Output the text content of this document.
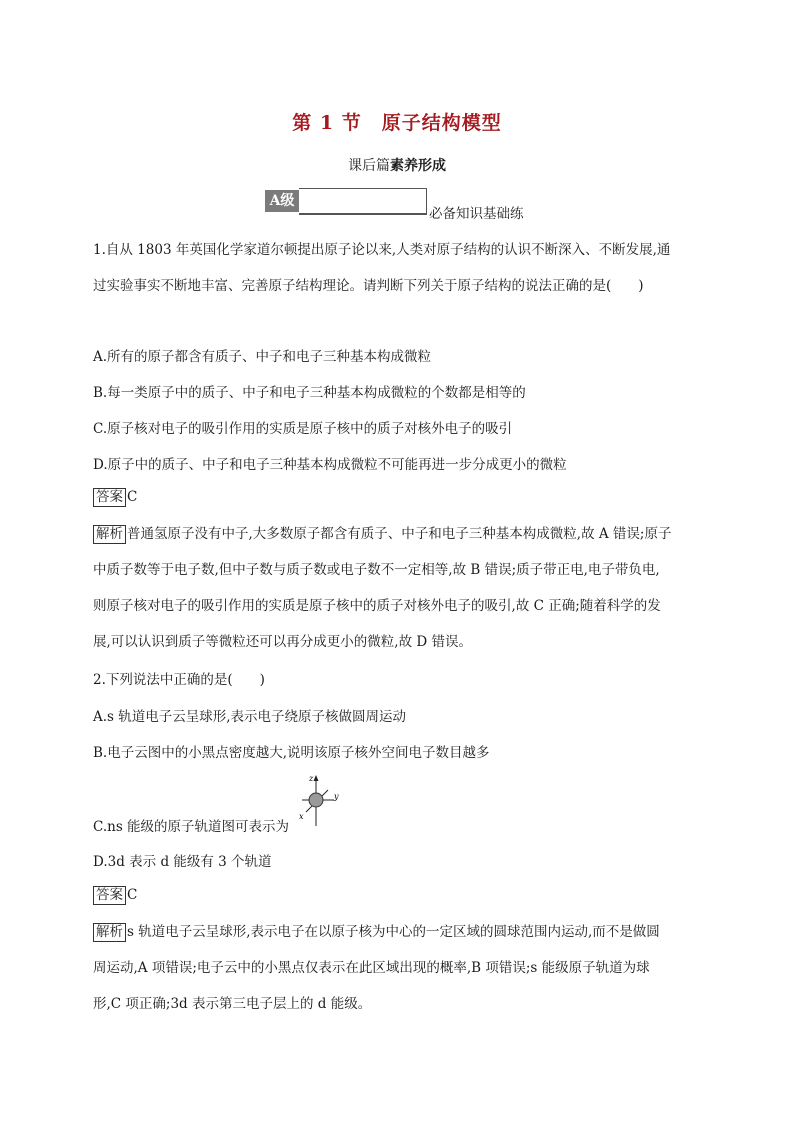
第 1 节　原子结构模型
课后篇素养形成
A级
必备知识基础练
1.自从 1803 年英国化学家道尔顿提出原子论以来,人类对原子结构的认识不断深入、不断发展,通
过实验事实不断地丰富、完善原子结构理论。请判断下列关于原子结构的说法正确的是(　　)
A.所有的原子都含有质子、中子和电子三种基本构成微粒
B.每一类原子中的质子、中子和电子三种基本构成微粒的个数都是相等的
C.原子核对电子的吸引作用的实质是原子核中的质子对核外电子的吸引
D.原子中的质子、中子和电子三种基本构成微粒不可能再进一步分成更小的微粒
答案 C
解析 普通氢原子没有中子,大多数原子都含有质子、中子和电子三种基本构成微粒,故 A 错误;原子
中质子数等于电子数,但中子数与质子数或电子数不一定相等,故 B 错误;质子带正电,电子带负电,
则原子核对电子的吸引作用的实质是原子核中的质子对核外电子的吸引,故 C 正确;随着科学的发
展,可以认识到质子等微粒还可以再分成更小的微粒,故 D 错误。
2.下列说法中正确的是(　　)
A.s 轨道电子云呈球形,表示电子绕原子核做圆周运动
B.电子云图中的小黑点密度越大,说明该原子核外空间电子数目越多
C.ns 能级的原子轨道图可表示为
z
y
x
D.3d 表示 d 能级有 3 个轨道
答案 C
解析 s 轨道电子云呈球形,表示电子在以原子核为中心的一定区域的圆球范围内运动,而不是做圆
周运动,A 项错误;电子云中的小黑点仅表示在此区域出现的概率,B 项错误;s 能级原子轨道为球
形,C 项正确;3d 表示第三电子层上的 d 能级。
